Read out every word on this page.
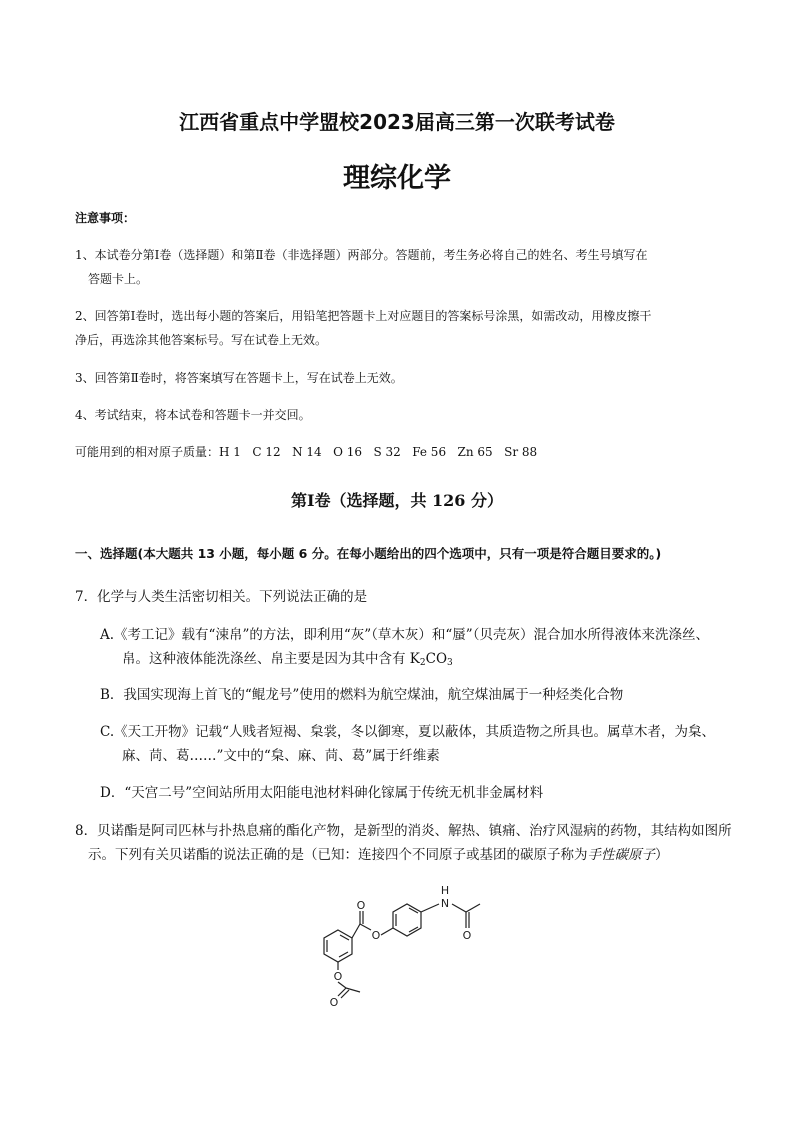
江西省重点中学盟校2023届高三第一次联考试卷
理综化学
注意事项：
1、本试卷分第Ⅰ卷（选择题）和第Ⅱ卷（非选择题）两部分。答题前，考生务必将自己的姓名、考生号填写在
答题卡上。
2、回答第Ⅰ卷时，选出每小题的答案后，用铅笔把答题卡上对应题目的答案标号涂黑，如需改动，用橡皮擦干
净后，再选涂其他答案标号。写在试卷上无效。
3、回答第Ⅱ卷时，将答案填写在答题卡上，写在试卷上无效。
4、考试结束，将本试卷和答题卡一并交回。
可能用到的相对原子质量：H 1   C 12   N 14   O 16   S 32   Fe 56   Zn 65   Sr 88
第Ⅰ卷（选择题，共 126 分）
一、选择题(本大题共 13 小题，每小题 6 分。在每小题给出的四个选项中，只有一项是符合题目要求的。)
7．化学与人类生活密切相关。下列说法正确的是
A.《考工记》载有“涑帛”的方法，即利用“灰”（草木灰）和“蜃”（贝壳灰）混合加水所得液体来洗涤丝、
帛。这种液体能洗涤丝、帛主要是因为其中含有 $K_2CO_3$
B．我国实现海上首飞的“鲲龙号”使用的燃料为航空煤油，航空煤油属于一种烃类化合物
C.《天工开物》记载“人贱者短褐、枲裳，冬以御寒，夏以蔽体，其质造物之所具也。属草木者，为枲、
麻、苘、葛……”文中的“枲、麻、苘、葛”属于纤维素
D．“天宫二号”空间站所用太阳能电池材料砷化镓属于传统无机非金属材料
8．贝诺酯是阿司匹林与扑热息痛的酯化产物，是新型的消炎、解热、镇痛、治疗风湿病的药物，其结构如图所
示。下列有关贝诺酯的说法正确的是（已知：连接四个不同原子或基团的碳原子称为手性碳原子）
O
O
O
O
N
H
O
